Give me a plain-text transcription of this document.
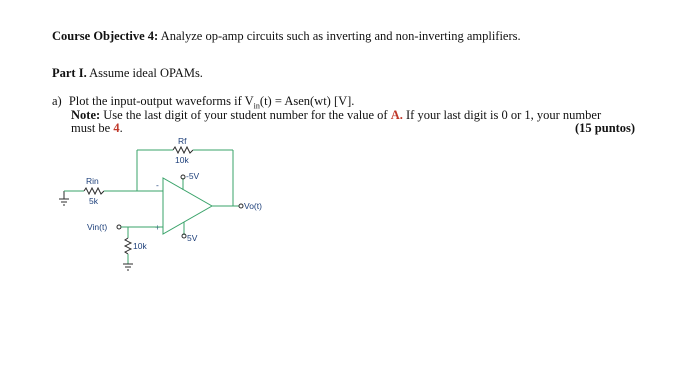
Course Objective 4: Analyze op-amp circuits such as inverting and non-inverting amplifiers.
Part I. Assume ideal OPAMs.
a) Plot the input-output waveforms if $V_{in}(t)$ = Asen(wt) [V].
Note: Use the last digit of your student number for the value of A. If your last digit is 0 or 1, your number
must be 4.	(15 puntos)
Rin
5k
Rf
10k
-
+
Vo(t)
-5V
5V
Vin(t)
10k
